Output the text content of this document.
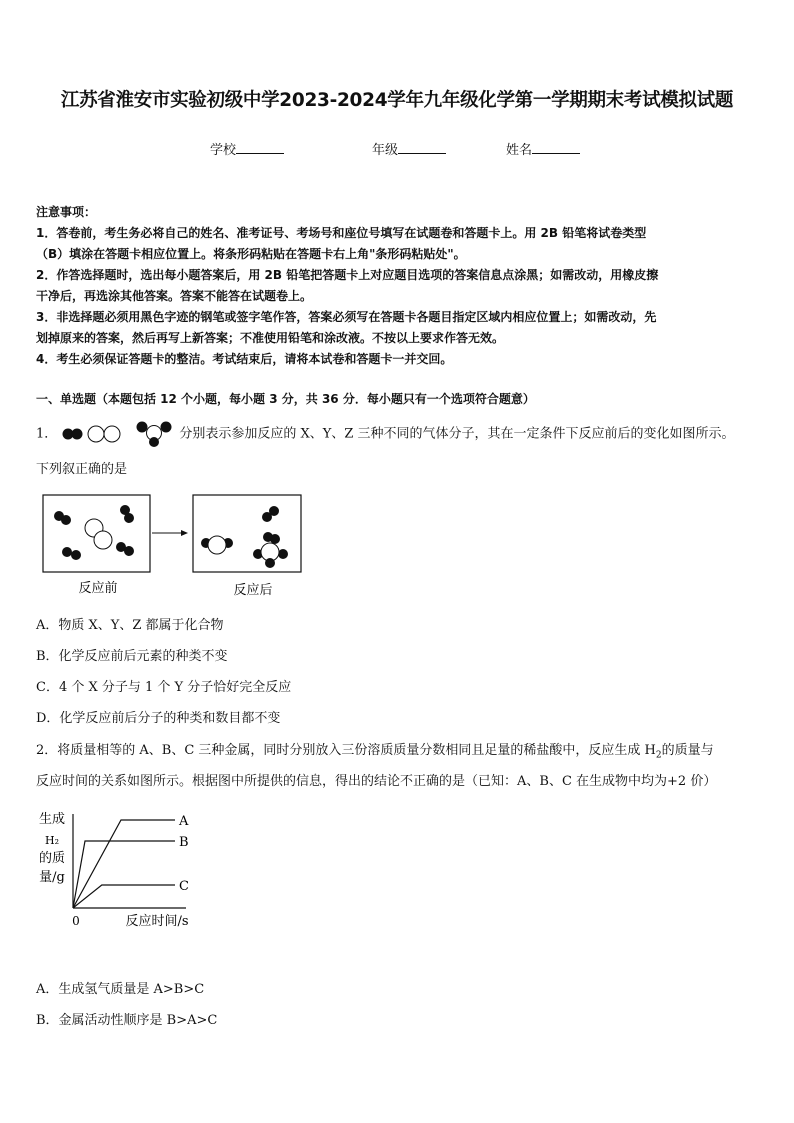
江苏省淮安市实验初级中学2023-2024学年九年级化学第一学期期末考试模拟试题
学校	年级	姓名
注意事项：
1．答卷前，考生务必将自己的姓名、准考证号、考场号和座位号填写在试题卷和答题卡上。用 2B 铅笔将试卷类型
（B）填涂在答题卡相应位置上。将条形码粘贴在答题卡右上角"条形码粘贴处"。
2．作答选择题时，选出每小题答案后，用 2B 铅笔把答题卡上对应题目选项的答案信息点涂黑；如需改动，用橡皮擦
干净后，再选涂其他答案。答案不能答在试题卷上。
3．非选择题必须用黑色字迹的钢笔或签字笔作答，答案必须写在答题卡各题目指定区域内相应位置上；如需改动，先
划掉原来的答案，然后再写上新答案；不准使用铅笔和涂改液。不按以上要求作答无效。
4．考生必须保证答题卡的整洁。考试结束后，请将本试卷和答题卡一并交回。
一、单选题（本题包括 12 个小题，每小题 3 分，共 36 分．每小题只有一个选项符合题意）
1．	分别表示参加反应的 X、Y、Z 三种不同的气体分子，其在一定条件下反应前后的变化如图所示。
下列叙正确的是
反应前	反应后
A．物质 X、Y、Z 都属于化合物
B．化学反应前后元素的种类不变
C．4 个 X 分子与 1 个 Y 分子恰好完全反应
D．化学反应前后分子的种类和数目都不变
2．将质量相等的 A、B、C 三种金属，同时分别放入三份溶质质量分数相同且足量的稀盐酸中，反应生成 $H_2$的质量与
反应时间的关系如图所示。根据图中所提供的信息，得出的结论不正确的是（已知：A、B、C 在生成物中均为+2 价）
生成
H₂
的质
量/g
0	反应时间/s
A
B
C
A．生成氢气质量是 A>B>C
B．金属活动性顺序是 B>A>C
